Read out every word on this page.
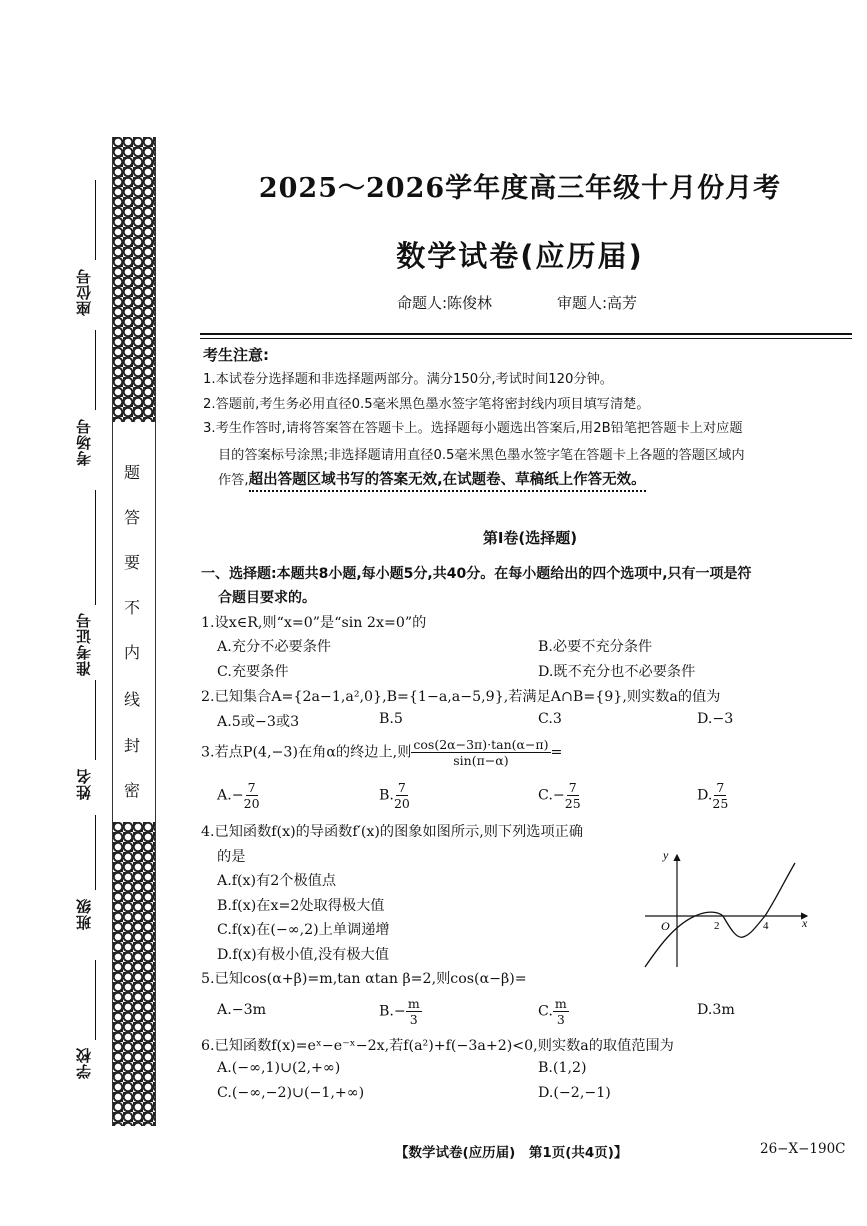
题
答
要
不
内
线
封
密
座位号
考场号
准考证号
姓名
班级
学校
2025～2026学年度高三年级十月份月考
数学试卷(应历届)
命题人:陈俊林	审题人:高芳
考生注意:
1.本试卷分选择题和非选择题两部分。满分150分,考试时间120分钟。
2.答题前,考生务必用直径0.5毫米黑色墨水签字笔将密封线内项目填写清楚。
3.考生作答时,请将答案答在答题卡上。选择题每小题选出答案后,用2B铅笔把答题卡上对应题
目的答案标号涂黑;非选择题请用直径0.5毫米黑色墨水签字笔在答题卡上各题的答题区域内
作答,超出答题区域书写的答案无效,在试题卷、草稿纸上作答无效。
第Ⅰ卷(选择题)
一、选择题:本题共8小题,每小题5分,共40分。在每小题给出的四个选项中,只有一项是符
合题目要求的。
1.设x∈R,则“x=0”是“sin 2x=0”的
A.充分不必要条件	B.必要不充分条件
C.充要条件	D.既不充分也不必要条件
2.已知集合A={2a−1,a²,0},B={1−a,a−5,9},若满足A∩B={9},则实数a的值为
A.5或−3或3	B.5	C.3	D.−3
3.若点P(4,−3)在角α的终边上,则 $\frac{\cos(2\alpha-3\pi)\cdot\tan(\alpha-\pi)}{\sin(\pi-\alpha)}$ =
$A.- \frac{7}{20}$	B. $\frac{7}{20}$	$C.- \frac{7}{25}$	D. $\frac{7}{25}$
4.已知函数f(x)的导函数f′(x)的图象如图所示,则下列选项正确
的是
A.f(x)有2个极值点
B.f(x)在x=2处取得极大值
C.f(x)在(−∞,2)上单调递增
D.f(x)有极小值,没有极大值
y
x
O	2	4
5.已知cos(α+β)=m,tan αtan β=2,则cos(α−β)=
A.−3m	$B.- \frac{m}{3}$	C. $\frac{m}{3}$	D.3m
6.已知函数f(x)=eˣ−e⁻ˣ−2x,若f(a²)+f(−3a+2)<0,则实数a的取值范围为
A.(−∞,1)∪(2,+∞)	B.(1,2)
C.(−∞,−2)∪(−1,+∞)	D.(−2,−1)
【数学试卷(应历届)　第1页(共4页)】	26−X−190C
